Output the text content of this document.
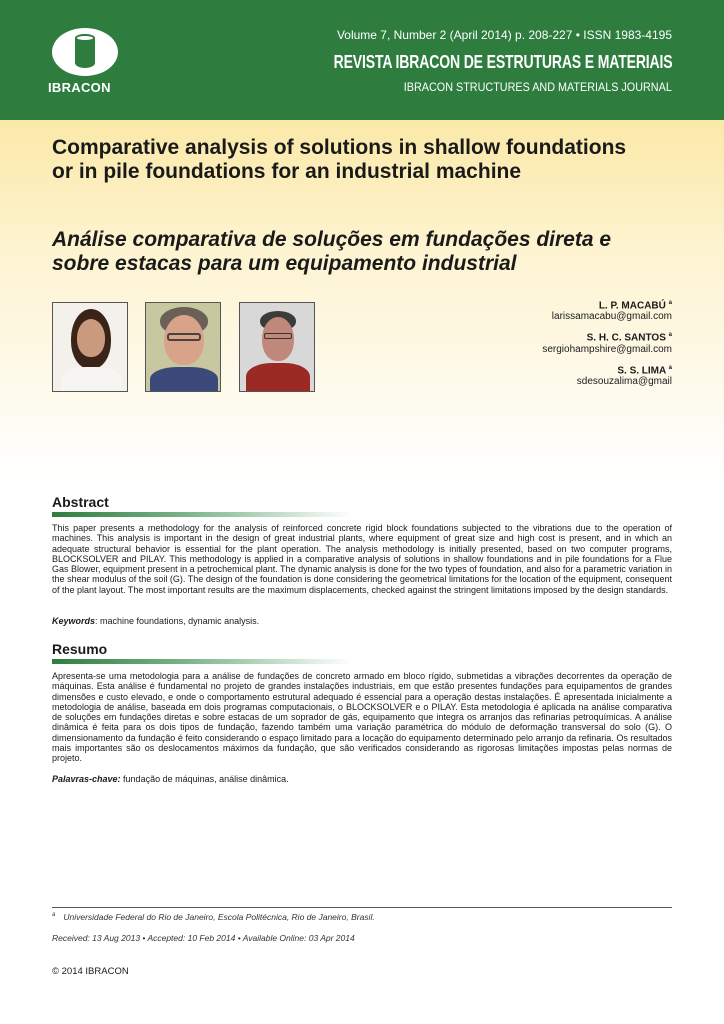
IBRACON
Volume 7, Number 2 (April 2014) p. 208-227 • ISSN 1983-4195
REVISTA IBRACON DE ESTRUTURAS E MATERIAIS
IBRACON STRUCTURES AND MATERIALS JOURNAL
Comparative analysis of solutions in shallow foundations or in pile foundations for an industrial machine
Análise comparativa de soluções em fundações direta e sobre estacas para um equipamento industrial
L. P. MACABÚ $^a$
larissamacabu@gmail.com
S. H. C. SANTOS $^a$
sergiohampshire@gmail.com
S. S. LIMA $^a$
sdesouzalima@gmail
Abstract
This paper presents a methodology for the analysis of reinforced concrete rigid block foundations subjected to the vibrations due to the operation of machines. This analysis is important in the design of great industrial plants, where equipment of great size and high cost is present, and in which an adequate structural behavior is essential for the plant operation. The analysis methodology is initially presented, based on two computer programs, BLOCKSOLVER and PILAY. This methodology is applied in a comparative analysis of solutions in shallow foundations and in pile foundations for a Flue Gas Blower, equipment present in a petrochemical plant. The dynamic analysis is done for the two types of foundation, and also for a parametric variation in the shear modulus of the soil (G). The design of the foundation is done considering the geometrical limitations for the location of the equipment, consequent of the plant layout. The most important results are the maximum displacements, checked against the stringent limitations imposed by the design standards.
Keywords: machine foundations, dynamic analysis.
Resumo
Apresenta-se uma metodologia para a análise de fundações de concreto armado em bloco rígido, submetidas a vibrações decorrentes da operação de máquinas. Esta análise é fundamental no projeto de grandes instalações industriais, em que estão presentes fundações para equipamentos de grandes dimensões e custo elevado, e onde o comportamento estrutural adequado é essencial para a operação destas instalações. É apresentada inicialmente a metodologia de análise, baseada em dois programas computacionais, o BLOCKSOLVER e o PILAY. Esta metodologia é aplicada na análise comparativa de soluções em fundações diretas e sobre estacas de um soprador de gás, equipamento que integra os arranjos das refinarias petroquímicas. A análise dinâmica é feita para os dois tipos de fundação, fazendo também uma variação paramétrica do módulo de deformação transversal do solo (G). O dimensionamento da fundação é feito considerando o espaço limitado para a locação do equipamento determinado pelo arranjo da refinaria. Os resultados mais importantes são os deslocamentos máximos da fundação, que são verificados considerando as rigorosas limitações impostas pelas normas de projeto.
Palavras-chave: fundação de máquinas, análise dinâmica.
$^a$ Universidade Federal do Rio de Janeiro, Escola Politécnica, Rio de Janeiro, Brasil.
Received: 13 Aug 2013 • Accepted: 10 Feb 2014 • Available Online: 03 Apr 2014
© 2014 IBRACON
